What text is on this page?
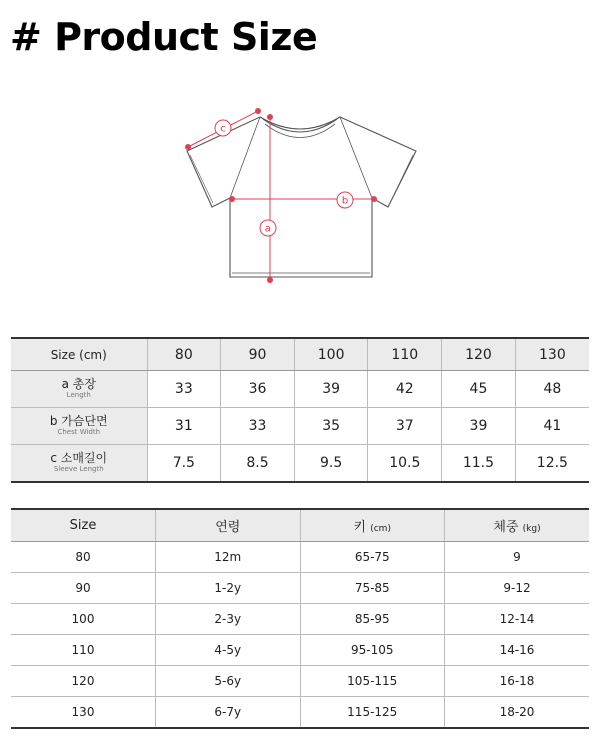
# Product Size
c
a
b
Size (cm)	80	90	100	110	120	130

a 총장
Length	33	36	39	42	45	48

b 가슴단면
Chest Width	31	33	35	37	39	41

c 소매길이
Sleeve Length	7.5	8.5	9.5	10.5	11.5	12.5
Size	연령	키 (cm)	체중 (kg)
80	12m	65-75	9
90	1-2y	75-85	9-12
100	2-3y	85-95	12-14
110	4-5y	95-105	14-16
120	5-6y	105-115	16-18
130	6-7y	115-125	18-20
